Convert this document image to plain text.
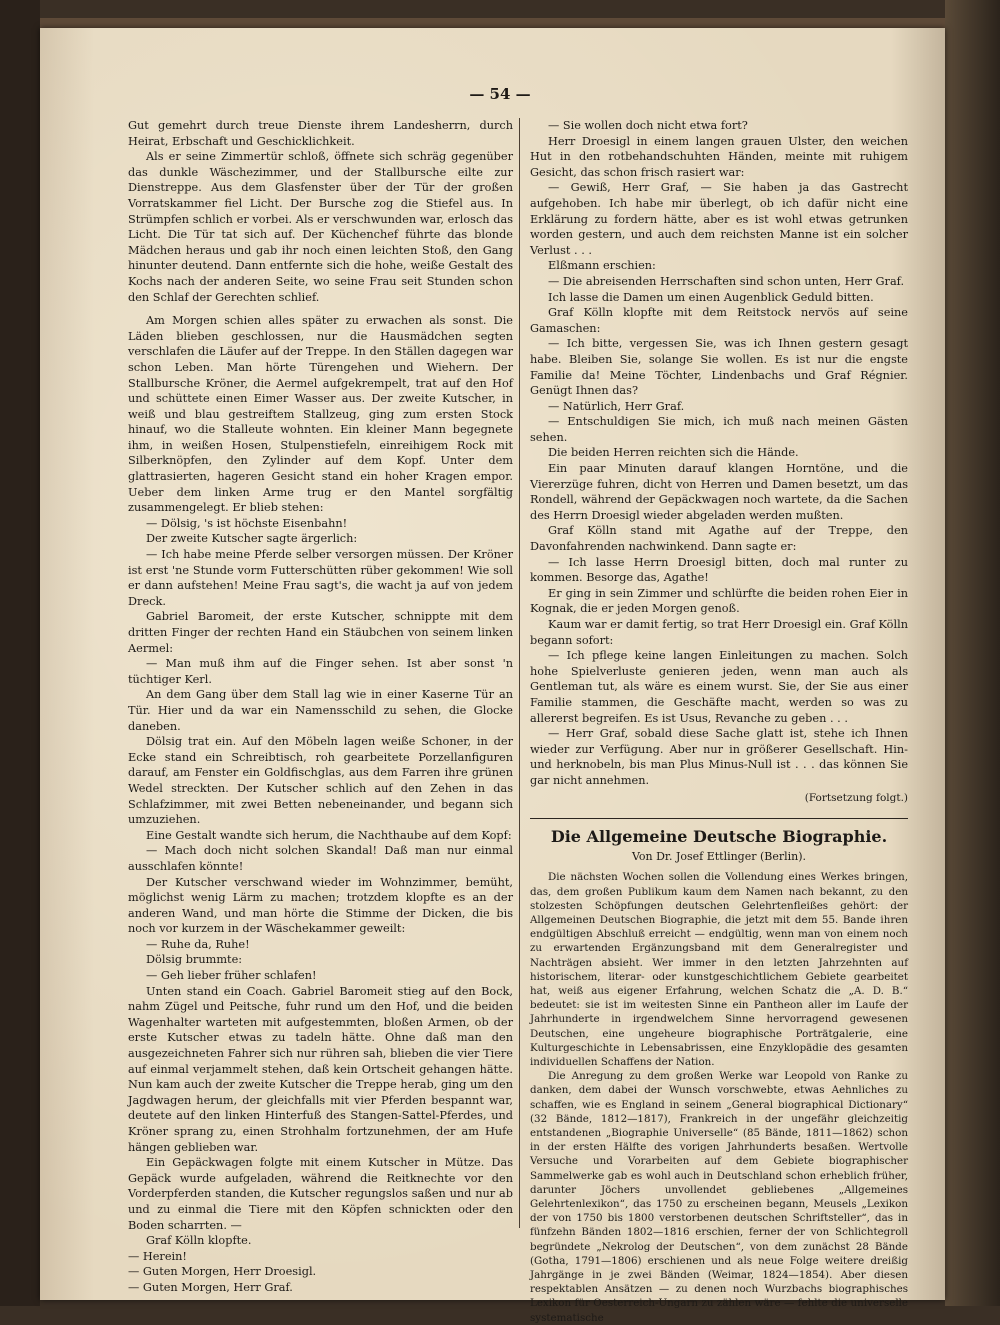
— 54 —

Gut gemehrt durch treue Dienste ihrem Landesherrn, durch Heirat, Erbschaft und Geschicklichkeit.

Als er seine Zimmertür schloß, öffnete sich schräg gegenüber das dunkle Wäschezimmer, und der Stallbursche eilte zur Dienstreppe. Aus dem Glasfenster über der Tür der großen Vorratskammer fiel Licht. Der Bursche zog die Stiefel aus. In Strümpfen schlich er vorbei. Als er verschwunden war, erlosch das Licht. Die Tür tat sich auf. Der Küchenchef führte das blonde Mädchen heraus und gab ihr noch einen leichten Stoß, den Gang hinunter deutend. Dann entfernte sich die hohe, weiße Gestalt des Kochs nach der anderen Seite, wo seine Frau seit Stunden schon den Schlaf der Gerechten schlief.

Am Morgen schien alles später zu erwachen als sonst. Die Läden blieben geschlossen, nur die Hausmädchen segten verschlafen die Läufer auf der Treppe. In den Ställen dagegen war schon Leben. Man hörte Türengehen und Wiehern. Der Stallbursche Kröner, die Aermel aufgekrempelt, trat auf den Hof und schüttete einen Eimer Wasser aus. Der zweite Kutscher, in weiß und blau gestreiftem Stallzeug, ging zum ersten Stock hinauf, wo die Stalleute wohnten. Ein kleiner Mann begegnete ihm, in weißen Hosen, Stulpenstiefeln, einreihigem Rock mit Silberknöpfen, den Zylinder auf dem Kopf. Unter dem glattrasierten, hageren Gesicht stand ein hoher Kragen empor. Ueber dem linken Arme trug er den Mantel sorgfältig zusammengelegt. Er blieb stehen:

— Dölsig, 's ist höchste Eisenbahn!

Der zweite Kutscher sagte ärgerlich:

— Ich habe meine Pferde selber versorgen müssen. Der Kröner ist erst 'ne Stunde vorm Futterschütten rüber gekommen! Wie soll er dann aufstehen! Meine Frau sagt's, die wacht ja auf von jedem Dreck.

Gabriel Baromeit, der erste Kutscher, schnippte mit dem dritten Finger der rechten Hand ein Stäubchen von seinem linken Aermel:

— Man muß ihm auf die Finger sehen. Ist aber sonst 'n tüchtiger Kerl.

An dem Gang über dem Stall lag wie in einer Kaserne Tür an Tür. Hier und da war ein Namensschild zu sehen, die Glocke daneben.

Dölsig trat ein. Auf den Möbeln lagen weiße Schoner, in der Ecke stand ein Schreibtisch, roh gearbeitete Porzellanfiguren darauf, am Fenster ein Goldfischglas, aus dem Farren ihre grünen Wedel streckten. Der Kutscher schlich auf den Zehen in das Schlafzimmer, mit zwei Betten nebeneinander, und begann sich umzuziehen.

Eine Gestalt wandte sich herum, die Nachthaube auf dem Kopf:

— Mach doch nicht solchen Skandal! Daß man nur einmal ausschlafen könnte!

Der Kutscher verschwand wieder im Wohnzimmer, bemüht, möglichst wenig Lärm zu machen; trotzdem klopfte es an der anderen Wand, und man hörte die Stimme der Dicken, die bis noch vor kurzem in der Wäschekammer geweilt:

— Ruhe da, Ruhe!

Dölsig brummte:

— Geh lieber früher schlafen!

Unten stand ein Coach. Gabriel Baromeit stieg auf den Bock, nahm Zügel und Peitsche, fuhr rund um den Hof, und die beiden Wagenhalter warteten mit aufgestemmten, bloßen Armen, ob der erste Kutscher etwas zu tadeln hätte. Ohne daß man den ausgezeichneten Fahrer sich nur rühren sah, blieben die vier Tiere auf einmal verjammelt stehen, daß kein Ortscheit gehangen hätte. Nun kam auch der zweite Kutscher die Treppe herab, ging um den Jagdwagen herum, der gleichfalls mit vier Pferden bespannt war, deutete auf den linken Hinterfuß des Stangen-Sattel-Pferdes, und Kröner sprang zu, einen Strohhalm fortzunehmen, der am Hufe hängen geblieben war.

Ein Gepäckwagen folgte mit einem Kutscher in Mütze. Das Gepäck wurde aufgeladen, während die Reitknechte vor den Vorderpferden standen, die Kutscher regungslos saßen und nur ab und zu einmal die Tiere mit den Köpfen schnickten oder den Boden scharrten. —

Graf Kölln klopfte.

— Herein!

— Guten Morgen, Herr Droesigl.

— Guten Morgen, Herr Graf.

— Sie wollen doch nicht etwa fort?

Herr Droesigl in einem langen grauen Ulster, den weichen Hut in den rotbehandschuhten Händen, meinte mit ruhigem Gesicht, das schon frisch rasiert war:

— Gewiß, Herr Graf, — Sie haben ja das Gastrecht aufgehoben. Ich habe mir überlegt, ob ich dafür nicht eine Erklärung zu fordern hätte, aber es ist wohl etwas getrunken worden gestern, und auch dem reichsten Manne ist ein solcher Verlust . . .

Elßmann erschien:

— Die abreisenden Herrschaften sind schon unten, Herr Graf.

Ich lasse die Damen um einen Augenblick Geduld bitten.

Graf Kölln klopfte mit dem Reitstock nervös auf seine Gamaschen:

— Ich bitte, vergessen Sie, was ich Ihnen gestern gesagt habe. Bleiben Sie, solange Sie wollen. Es ist nur die engste Familie da! Meine Töchter, Lindenbachs und Graf Régnier. Genügt Ihnen das?

— Natürlich, Herr Graf.

— Entschuldigen Sie mich, ich muß nach meinen Gästen sehen.

Die beiden Herren reichten sich die Hände.

Ein paar Minuten darauf klangen Horntöne, und die Viererzüge fuhren, dicht von Herren und Damen besetzt, um das Rondell, während der Gepäckwagen noch wartete, da die Sachen des Herrn Droesigl wieder abgeladen werden mußten.

Graf Kölln stand mit Agathe auf der Treppe, den Davonfahrenden nachwinkend. Dann sagte er:

— Ich lasse Herrn Droesigl bitten, doch mal runter zu kommen. Besorge das, Agathe!

Er ging in sein Zimmer und schlürfte die beiden rohen Eier in Kognak, die er jeden Morgen genoß.

Kaum war er damit fertig, so trat Herr Droesigl ein. Graf Kölln begann sofort:

— Ich pflege keine langen Einleitungen zu machen. Solch hohe Spielverluste genieren jeden, wenn man auch als Gentleman tut, als wäre es einem wurst. Sie, der Sie aus einer Familie stammen, die Geschäfte macht, werden so was zu allererst begreifen. Es ist Usus, Revanche zu geben . . .

— Herr Graf, sobald diese Sache glatt ist, stehe ich Ihnen wieder zur Verfügung. Aber nur in größerer Gesellschaft. Hin- und herknobeln, bis man Plus Minus-Null ist . . . das können Sie gar nicht annehmen.

(Fortsetzung folgt.)

Die Allgemeine Deutsche Biographie.
Von Dr. Josef Ettlinger (Berlin).

Die nächsten Wochen sollen die Vollendung eines Werkes bringen, das, dem großen Publikum kaum dem Namen nach bekannt, zu den stolzesten Schöpfungen deutschen Gelehrtenfleißes gehört: der Allgemeinen Deutschen Biographie, die jetzt mit dem 55. Bande ihren endgültigen Abschluß erreicht — endgültig, wenn man von einem noch zu erwartenden Ergänzungsband mit dem Generalregister und Nachträgen absieht. Wer immer in den letzten Jahrzehnten auf historischem, literar- oder kunstgeschichtlichem Gebiete gearbeitet hat, weiß aus eigener Erfahrung, welchen Schatz die „A. D. B.“ bedeutet: sie ist im weitesten Sinne ein Pantheon aller im Laufe der Jahrhunderte in irgendwelchem Sinne hervorragend gewesenen Deutschen, eine ungeheure biographische Porträtgalerie, eine Kulturgeschichte in Lebensabrissen, eine Enzyklopädie des gesamten individuellen Schaffens der Nation.

Die Anregung zu dem großen Werke war Leopold von Ranke zu danken, dem dabei der Wunsch vorschwebte, etwas Aehnliches zu schaffen, wie es England in seinem „General biographical Dictionary“ (32 Bände, 1812—1817), Frankreich in der ungefähr gleichzeitig entstandenen „Biographie Universelle“ (85 Bände, 1811—1862) schon in der ersten Hälfte des vorigen Jahrhunderts besaßen. Wertvolle Versuche und Vorarbeiten auf dem Gebiete biographischer Sammelwerke gab es wohl auch in Deutschland schon erheblich früher, darunter Jöchers unvollendet gebliebenes „Allgemeines Gelehrtenlexikon“, das 1750 zu erscheinen begann, Meusels „Lexikon der von 1750 bis 1800 verstorbenen deutschen Schriftsteller“, das in fünfzehn Bänden 1802—1816 erschien, ferner der von Schlichtegroll begründete „Nekrolog der Deutschen“, von dem zunächst 28 Bände (Gotha, 1791—1806) erschienen und als neue Folge weitere dreißig Jahrgänge in je zwei Bänden (Weimar, 1824—1854). Aber diesen respektablen Ansätzen — zu denen noch Wurzbachs biographisches Lexikon für Oesterreich-Ungarn zu zählen wäre — fehlte die universelle systematische
